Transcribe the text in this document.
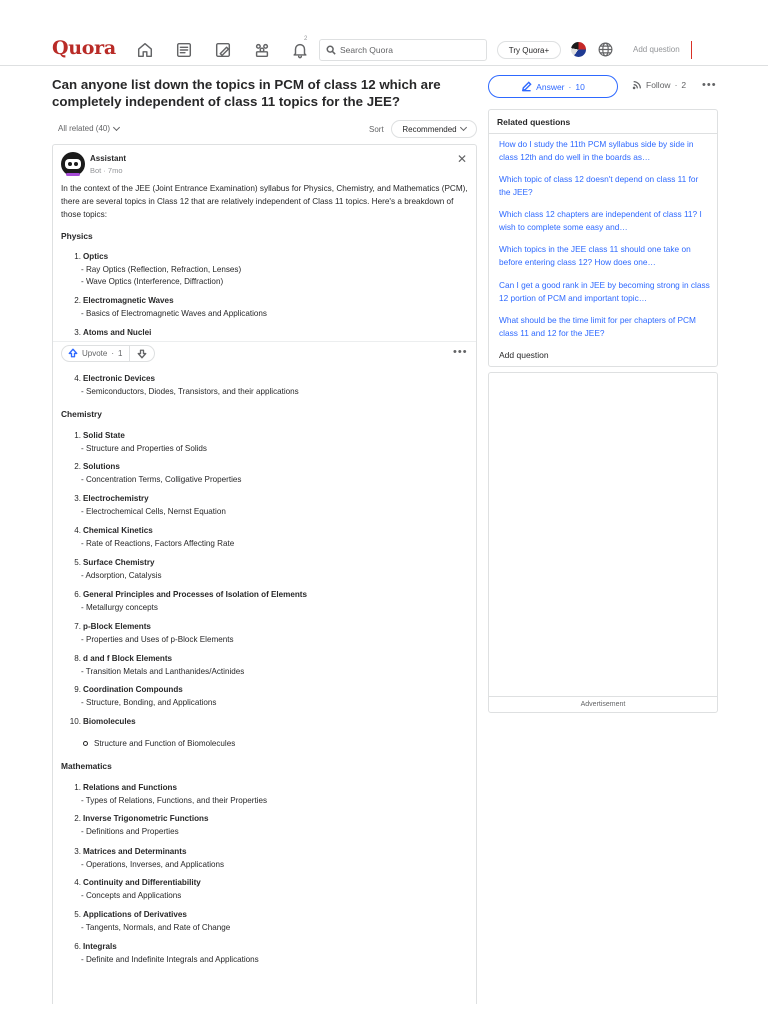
Quora	2
Search Quora	Try Quora+	Add question
Can anyone list down the topics in PCM of class 12 which are completely independent of class 11 topics for the JEE?
All related (40)	Sort Recommended
Assistant
Bot · 7mo
✕
In the context of the JEE (Joint Entrance Examination) syllabus for Physics, Chemistry, and Mathematics (PCM), there are several topics in Class 12 that are relatively independent of Class 11 topics. Here's a breakdown of those topics:
Physics
1. Optics
- Ray Optics (Reflection, Refraction, Lenses)
- Wave Optics (Interference, Diffraction)
2. Electromagnetic Waves
- Basics of Electromagnetic Waves and Applications
3. Atoms and Nuclei
Upvote · 1	•••
4. Electronic Devices
- Semiconductors, Diodes, Transistors, and their applications
Chemistry
1. Solid State
- Structure and Properties of Solids
2. Solutions
- Concentration Terms, Colligative Properties
3. Electrochemistry
- Electrochemical Cells, Nernst Equation
4. Chemical Kinetics
- Rate of Reactions, Factors Affecting Rate
5. Surface Chemistry
- Adsorption, Catalysis
6. General Principles and Processes of Isolation of Elements
- Metallurgy concepts
7. p-Block Elements
- Properties and Uses of p-Block Elements
8. d and f Block Elements
- Transition Metals and Lanthanides/Actinides
9. Coordination Compounds
- Structure, Bonding, and Applications
10. Biomolecules
Structure and Function of Biomolecules
Mathematics
1. Relations and Functions
- Types of Relations, Functions, and their Properties
2. Inverse Trigonometric Functions
- Definitions and Properties
3. Matrices and Determinants
- Operations, Inverses, and Applications
4. Continuity and Differentiability
- Concepts and Applications
5. Applications of Derivatives
- Tangents, Normals, and Rate of Change
6. Integrals
- Definite and Indefinite Integrals and Applications
Answer · 10	Follow · 2 •••
Related questions
How do I study the 11th PCM syllabus side by side in class 12th and do well in the boards as…
Which topic of class 12 doesn't depend on class 11 for the JEE?
Which class 12 chapters are independent of class 11? I wish to complete some easy and…
Which topics in the JEE class 11 should one take on before entering class 12? How does one…
Can I get a good rank in JEE by becoming strong in class 12 portion of PCM and important topic…
What should be the time limit for per chapters of PCM class 11 and 12 for the JEE?
Add question
Advertisement
